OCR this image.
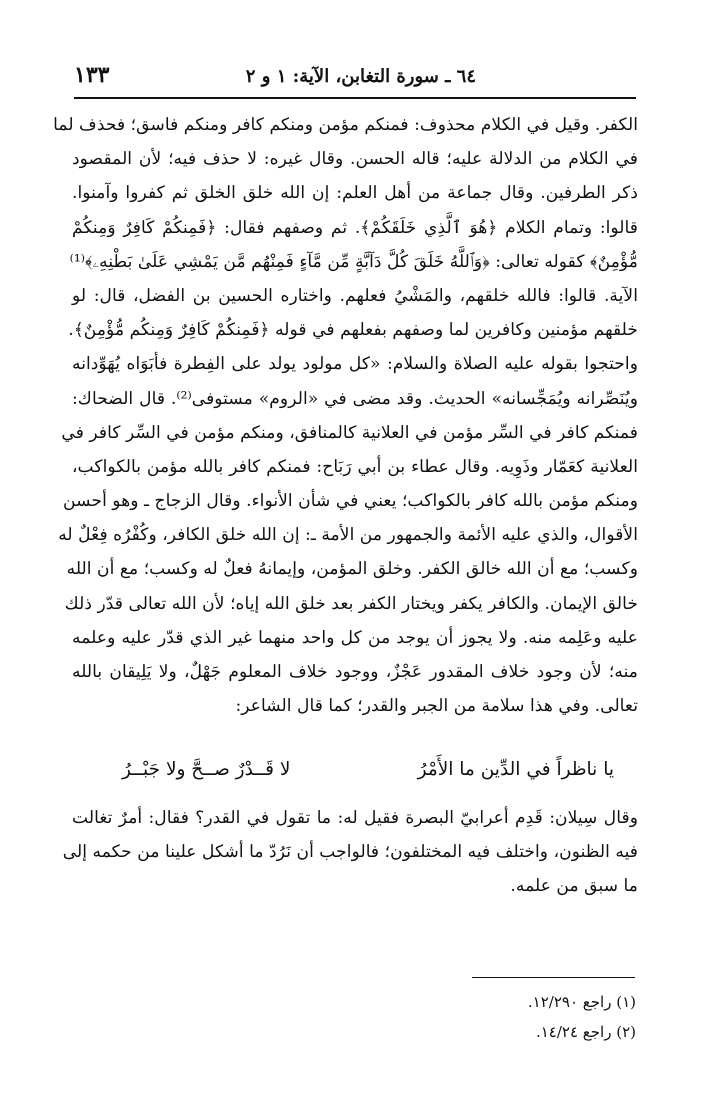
٦٤ ـ سورة التغابن، الآية: ١ و ٢
١٣٣
الكفر. وقيل في الكلام محذوف: فمنكم مؤمن ومنكم كافر ومنكم فاسق؛ فحذف لما
في الكلام من الدلالة عليه؛ قاله الحسن. وقال غيره: لا حذف فيه؛ لأن المقصود
ذكر الطرفين. وقال جماعة من أهل العلم: إن الله خلق الخلق ثم كفروا وآمنوا.
قالوا: وتمام الكلام ﴿هُوَ ٱلَّذِي خَلَقَكُمْ﴾. ثم وصفهم فقال: ﴿فَمِنكُمْ كَافِرٌ وَمِنكُمْ
مُّؤْمِنٌ﴾ كقوله تعالى: ﴿وَٱللَّهُ خَلَقَ كُلَّ دَآبَّةٍ مِّن مَّآءٍ فَمِنْهُم مَّن يَمْشِي عَلَىٰ بَطْنِهِۦ﴾⁽¹⁾
الآية. قالوا: فالله خلقهم، والمَشْيُ فعلهم. واختاره الحسين بن الفضل، قال: لو
خلقهم مؤمنين وكافرين لما وصفهم بفعلهم في قوله ﴿فَمِنكُمْ كَافِرٌ وَمِنكُم مُّؤْمِنٌ﴾.
واحتجوا بقوله عليه الصلاة والسلام: «كل مولود يولد على الفِطرة فأبَوَاه يُهَوِّدانه
ويُنَصِّرانه ويُمَجِّسانه» الحديث. وقد مضى في «الروم» مستوفى⁽²⁾. قال الضحاك:
فمنكم كافر في السِّر مؤمن في العلانية كالمنافق، ومنكم مؤمن في السِّر كافر في
العلانية كعَمّار وذَوِيه. وقال عطاء بن أبي رَبَاح: فمنكم كافر بالله مؤمن بالكواكب،
ومنكم مؤمن بالله كافر بالكواكب؛ يعني في شأن الأنواء. وقال الزجاج ـ وهو أحسن
الأقوال، والذي عليه الأئمة والجمهور من الأمة ـ: إن الله خلق الكافر، وكُفْرُه فِعْلٌ له
وكسب؛ مع أن الله خالق الكفر. وخلق المؤمن، وإيمانهُ فعلٌ له وكسب؛ مع أن الله
خالق الإيمان. والكافر يكفر ويختار الكفر بعد خلق الله إياه؛ لأن الله تعالى قدّر ذلك
عليه وعَلِمه منه. ولا يجوز أن يوجد من كل واحد منهما غير الذي قدّر عليه وعلمه
منه؛ لأن وجود خلاف المقدور عَجْزٌ، ووجود خلاف المعلوم جَهْلٌ، ولا يَلِيقان بالله
تعالى. وفي هذا سلامة من الجبر والقدر؛ كما قال الشاعر:
يا ناظراً في الدِّين ما الأَمْرُ
لا قَــدْرٌ صــحَّ ولا جَبْــرُ
وقال سِيلان: قَدِم أعرابيّ البصرة فقيل له: ما تقول في القدر؟ فقال: أمرٌ تغالت
فيه الظنون، واختلف فيه المختلفون؛ فالواجب أن نَرُدّ ما أشكل علينا من حكمه إلى
ما سبق من علمه.
(١) راجع ١٢/٢٩٠.
(٢) راجع ١٤/٢٤.
